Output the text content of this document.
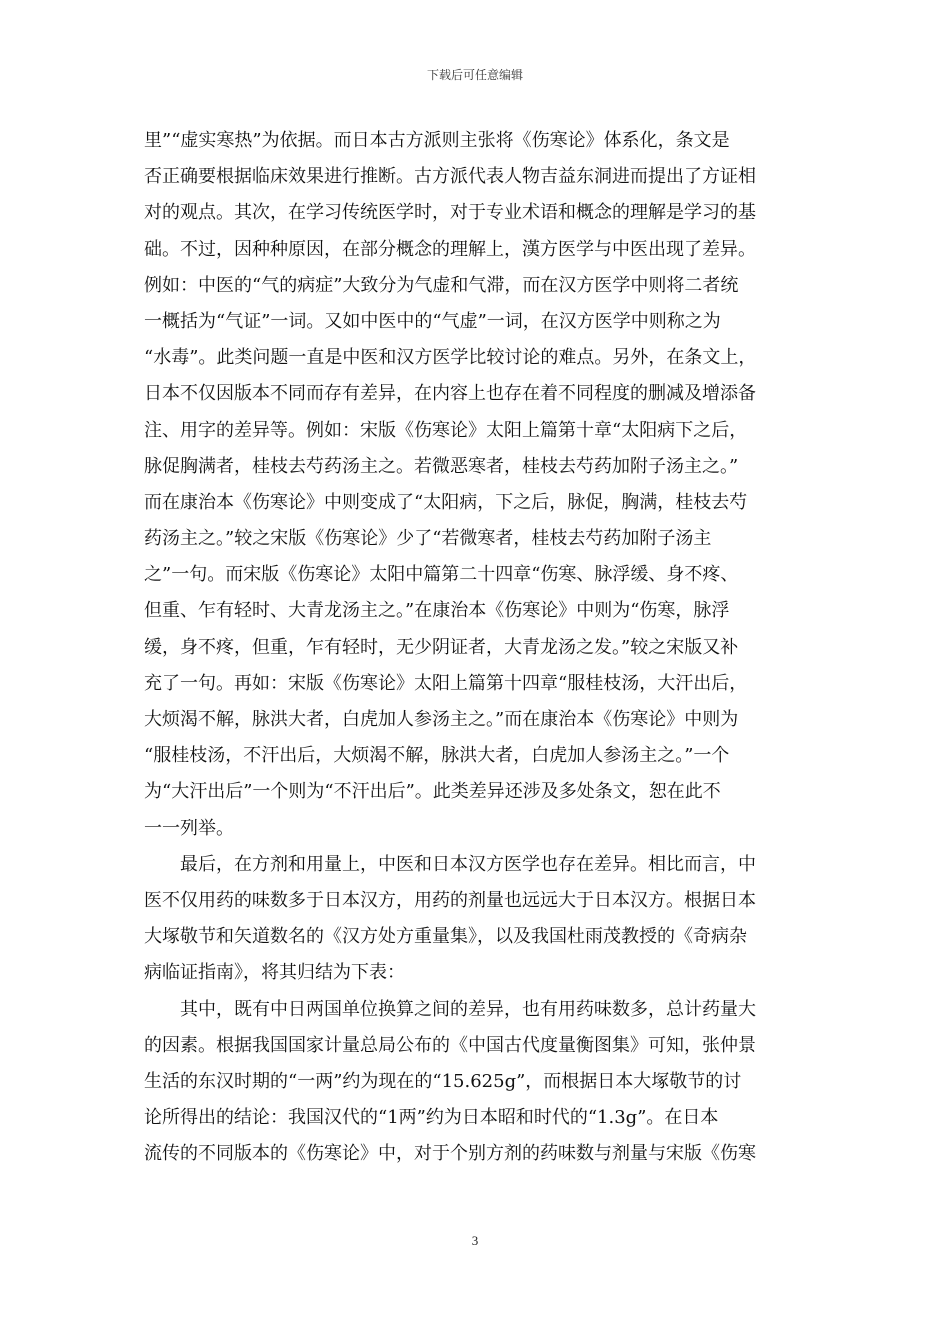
下载后可任意编辑
里”“虚实寒热”为依据。而日本古方派则主张将《伤寒论》体系化，条文是
否正确要根据临床效果进行推断。古方派代表人物吉益东洞进而提出了方证相
对的观点。其次，在学习传统医学时，对于专业术语和概念的理解是学习的基
础。不过，因种种原因，在部分概念的理解上，漢方医学与中医出现了差异。
例如：中医的“气的病症”大致分为气虚和气滞，而在汉方医学中则将二者统
一概括为“气证”一词。又如中医中的“气虚”一词，在汉方医学中则称之为
“水毒”。此类问题一直是中医和汉方医学比较讨论的难点。另外，在条文上，
日本不仅因版本不同而存有差异，在内容上也存在着不同程度的删减及增添备
注、用字的差异等。例如：宋版《伤寒论》太阳上篇第十章“太阳病下之后，
脉促胸满者，桂枝去芍药汤主之。若微恶寒者，桂枝去芍药加附子汤主之。”
而在康治本《伤寒论》中则变成了“太阳病，下之后，脉促，胸满，桂枝去芍
药汤主之。”较之宋版《伤寒论》少了“若微寒者，桂枝去芍药加附子汤主
之”一句。而宋版《伤寒论》太阳中篇第二十四章“伤寒、脉浮缓、身不疼、
但重、乍有轻时、大青龙汤主之。”在康治本《伤寒论》中则为“伤寒，脉浮
缓，身不疼，但重，乍有轻时，无少阴证者，大青龙汤之发。”较之宋版又补
充了一句。再如：宋版《伤寒论》太阳上篇第十四章“服桂枝汤，大汗出后，
大烦渴不解，脉洪大者，白虎加人参汤主之。”而在康治本《伤寒论》中则为
“服桂枝汤，不汗出后，大烦渴不解，脉洪大者，白虎加人参汤主之。”一个
为“大汗出后”一个则为“不汗出后”。此类差异还涉及多处条文，恕在此不
一一列举。
最后，在方剂和用量上，中医和日本汉方医学也存在差异。相比而言，中
医不仅用药的味数多于日本汉方，用药的剂量也远远大于日本汉方。根据日本
大塚敬节和矢道数名的《汉方处方重量集》，以及我国杜雨茂教授的《奇病杂
病临证指南》，将其归结为下表：
其中，既有中日两国单位换算之间的差异，也有用药味数多，总计药量大
的因素。根据我国国家计量总局公布的《中国古代度量衡图集》可知，张仲景
生活的东汉时期的“一两”约为现在的“15.625g”，而根据日本大塚敬节的讨
论所得出的结论：我国汉代的“1两”约为日本昭和时代的“1.3g”。在日本
流传的不同版本的《伤寒论》中，对于个别方剂的药味数与剂量与宋版《伤寒
3
